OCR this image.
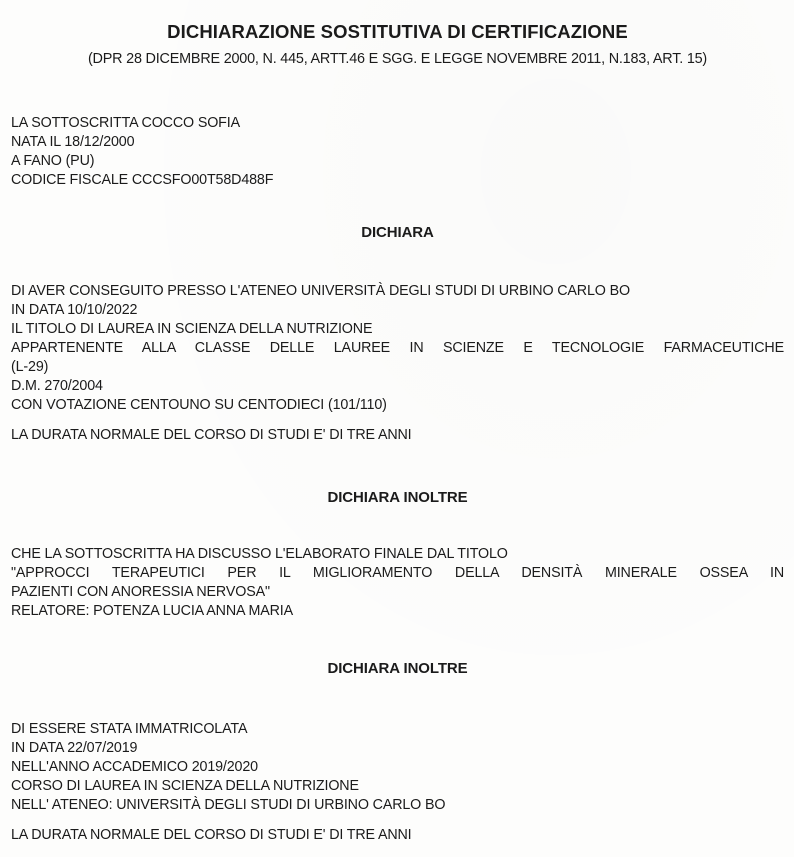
DICHIARAZIONE SOSTITUTIVA DI CERTIFICAZIONE
(DPR 28 DICEMBRE 2000, N. 445, ARTT.46 E SGG. E LEGGE NOVEMBRE 2011, N.183, ART. 15)
LA SOTTOSCRITTA COCCO SOFIA
NATA IL 18/12/2000
A FANO (PU)
CODICE FISCALE CCCSFO00T58D488F
DICHIARA
DI AVER CONSEGUITO PRESSO L'ATENEO UNIVERSITÀ DEGLI STUDI DI URBINO CARLO BO
IN DATA 10/10/2022
IL TITOLO DI LAUREA IN SCIENZA DELLA NUTRIZIONE
APPARTENENTE ALLA CLASSE DELLE LAUREE IN SCIENZE E TECNOLOGIE FARMACEUTICHE
(L-29)
D.M. 270/2004
CON VOTAZIONE CENTOUNO SU CENTODIECI (101/110)
LA DURATA NORMALE DEL CORSO DI STUDI E' DI TRE ANNI
DICHIARA INOLTRE
CHE LA SOTTOSCRITTA HA DISCUSSO L'ELABORATO FINALE DAL TITOLO
"APPROCCI TERAPEUTICI PER IL MIGLIORAMENTO DELLA DENSITÀ MINERALE OSSEA IN
PAZIENTI CON ANORESSIA NERVOSA"
RELATORE: POTENZA LUCIA ANNA MARIA
DICHIARA INOLTRE
DI ESSERE STATA IMMATRICOLATA
IN DATA 22/07/2019
NELL'ANNO ACCADEMICO 2019/2020
CORSO DI LAUREA IN SCIENZA DELLA NUTRIZIONE
NELL' ATENEO: UNIVERSITÀ DEGLI STUDI DI URBINO CARLO BO
LA DURATA NORMALE DEL CORSO DI STUDI E' DI TRE ANNI
